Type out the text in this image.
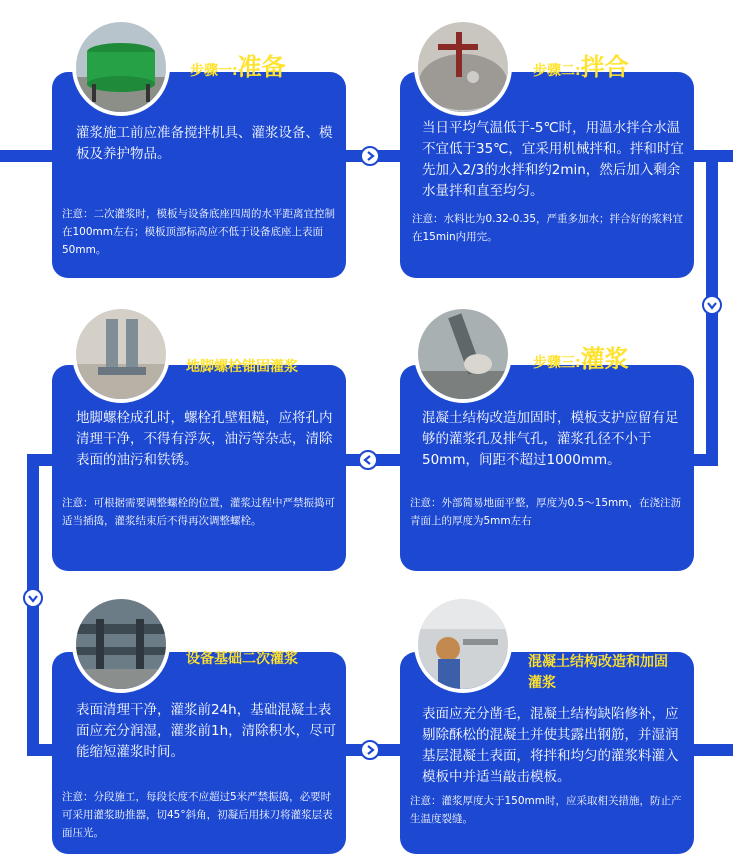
步骤一:准备
灌浆施工前应准备搅拌机具、灌浆设备、模板及养护物品。
注意：二次灌浆时，模板与设备底座四周的水平距离宜控制在100mm左右；模板顶部标高应不低于设备底座上表面50mm。
步骤二:拌合
当日平均气温低于-5℃时，用温水拌合水温不宜低于35℃，宜采用机械拌和。拌和时宜先加入2/3的水拌和约2min，然后加入剩余水量拌和直至均匀。
注意：水料比为0.32-0.35，严重多加水；拌合好的浆料宜在15min内用完。
地脚螺栓锚固灌浆
地脚螺栓成孔时，螺栓孔壁粗糙，应将孔内清理干净，不得有浮灰，油污等杂志，清除表面的油污和铁锈。
注意：可根据需要调整螺栓的位置，灌浆过程中严禁振捣可适当插捣，灌浆结束后不得再次调整螺栓。
步骤三:灌浆
混凝土结构改造加固时，模板支护应留有足够的灌浆孔及排气孔，灌浆孔径不小于50mm，间距不超过1000mm。
注意：外部简易地面平整，厚度为0.5～15mm，在浇注沥青面上的厚度为5mm左右
设备基础二次灌浆
表面清理干净，灌浆前24h，基础混凝土表面应充分润湿，灌浆前1h，清除积水，尽可能缩短灌浆时间。
注意：分段施工，每段长度不应超过5米严禁振捣，必要时可采用灌浆助推器，切45°斜角，初凝后用抹刀将灌浆层表面压光。
混凝土结构改造和加固灌浆
表面应充分凿毛，混凝土结构缺陷修补，应剔除酥松的混凝土并使其露出钢筋，并湿润基层混凝土表面，将拌和均匀的灌浆料灌入模板中并适当敲击模板。
注意：灌浆厚度大于150mm时，应采取相关措施，防止产生温度裂缝。
